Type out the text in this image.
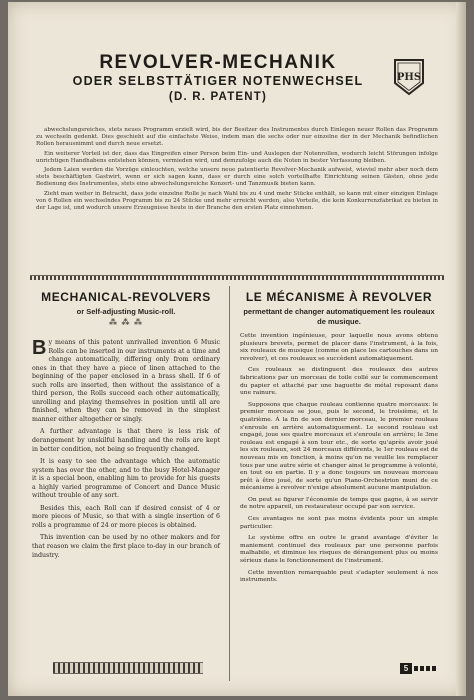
REVOLVER-MECHANIK
ODER SELBSTTÄTIGER NOTENWECHSEL
(D. R. PATENT)
PHS

abwechslungsreiches, stets neues Programm erzielt wird, bis der Besitzer des Instrumentes durch Einlegen neuer Rollen das Programm zu wechseln gedenkt. Dies geschieht auf die einfachste Weise, indem man die sechs oder nur einzelne der in der Mechanik befindlichen Rollen herausnimmt und durch neue ersetzt.

Ein weiterer Vorteil ist der, dass das Eingreifen einer Person beim Ein- und Auslegen der Notenrollen, wodurch leicht Störungen infolge unrichtigen Handhabens entstehen können, vermieden wird, und demzufolge auch die Noten in bester Verfassung bleiben.

Jedem Laien werden die Vorzüge einleuchten, welche unsere neue patentierte Revolver-Mechanik aufweist, wieviel mehr aber noch dem stets beschäftigten Gastwirt, wenn er sich sagen kann, dass er durch eine solch vorteilhafte Einrichtung seinen Gästen, ohne jede Bedienung des Instrumentes, stets eine abwechslungsreiche Konzert- und Tanzmusik bieten kann.

Zieht man weiter in Betracht, dass jede einzelne Rolle je nach Wahl bis zu 4 und mehr Stücke enthält, so kann mit einer einzigen Einlage von 6 Rollen ein wechselndes Programm bis zu 24 Stücke und mehr erreicht werden, also Vorteile, die kein Konkurrenzfabrikat zu bieten in der Lage ist, und wodurch unsere Erzeugnisse heute in der Branche den ersten Platz einnehmen.

MECHANICAL-REVOLVERS
or Self-adjusting Music-roll.
⁂ ⁂ ⁂

By means of this patent unrivalled invention 6 Music Rolls can be inserted in our instruments at a time and change automatically, differing only from ordinary ones in that they have a piece of linen attached to the beginning of the paper enclosed in a brass shell. If 6 of such rolls are inserted, then without the assistance of a third person, the Rolls succeed each other automatically, unrolling and playing themselves in position until all are finished, when they can be removed in the simplest manner either altogether or singly.

A further advantage is that there is less risk of derangement by unskilful handling and the rolls are kept in better condition, not being so frequently changed.

It is easy to see the advantage which the automatic system has over the other, and to the busy Hotel-Manager it is a special boon, enabling him to provide for his guests a highly varied programme of Concert and Dance Music without trouble of any sort.

Besides this, each Roll can if desired consist of 4 or more pieces of Music, so that with a single insertion of 6 rolls a programme of 24 or more pieces is obtained.

This invention can be used by no other makers and for that reason we claim the first place to-day in our branch of industry.

LE MÉCANISME À REVOLVER
permettant de changer automatiquement les rouleaux de musique.

Cette invention ingénieuse, pour laquelle nous avons obtenu plusieurs brevets, permet de placer dans l'instrument, à la fois, six rouleaux de musique (comme on place les cartouches dans un revolver), et ces rouleaux se succèdent automatiquement.

Ces rouleaux se distinguent des rouleaux des autres fabrications par un morceau de toile collé sur le commencement du papier et attaché par une baguette de métal reposant dans une rainure.

Supposons que chaque rouleau contienne quatre morceaux: le premier morceau se joue, puis le second, le troisième, et le quatrième. À la fin de son dernier morceau, le premier rouleau s'enroule en arrière automatiquement. Le second rouleau est engagé, joue ses quatre morceaux et s'enroule en arrière; le 3me rouleau est engagé à son tour etc., de sorte qu'après avoir joué les six rouleaux, soit 24 morceaux différents, le 1er rouleau est de nouveau mis en fonction, à moins qu'on ne veuille les remplacer tous par une autre série et changer ainsi le programme à volonté, en tout ou en partie. Il y a donc toujours un nouveau morceau prêt à être joué, de sorte qu'un Piano-Orchestrion muni de ce mécanisme à revolver n'exige absolument aucune manipulation.

On peut se figurer l'économie de temps que gagne, à se servir de notre appareil, un restaurateur occupé par son service.

Ces avantages ne sont pas moins évidents pour un simple particulier.

Le système offre en outre le grand avantage d'éviter le maniement continuel des rouleaux par une personne parfois malhabile, et diminue les risques de dérangement plus ou moins sérieux dans le fonctionnement de l'instrument.

Cette invention remarquable peut s'adapter seulement à nos instruments.

5
